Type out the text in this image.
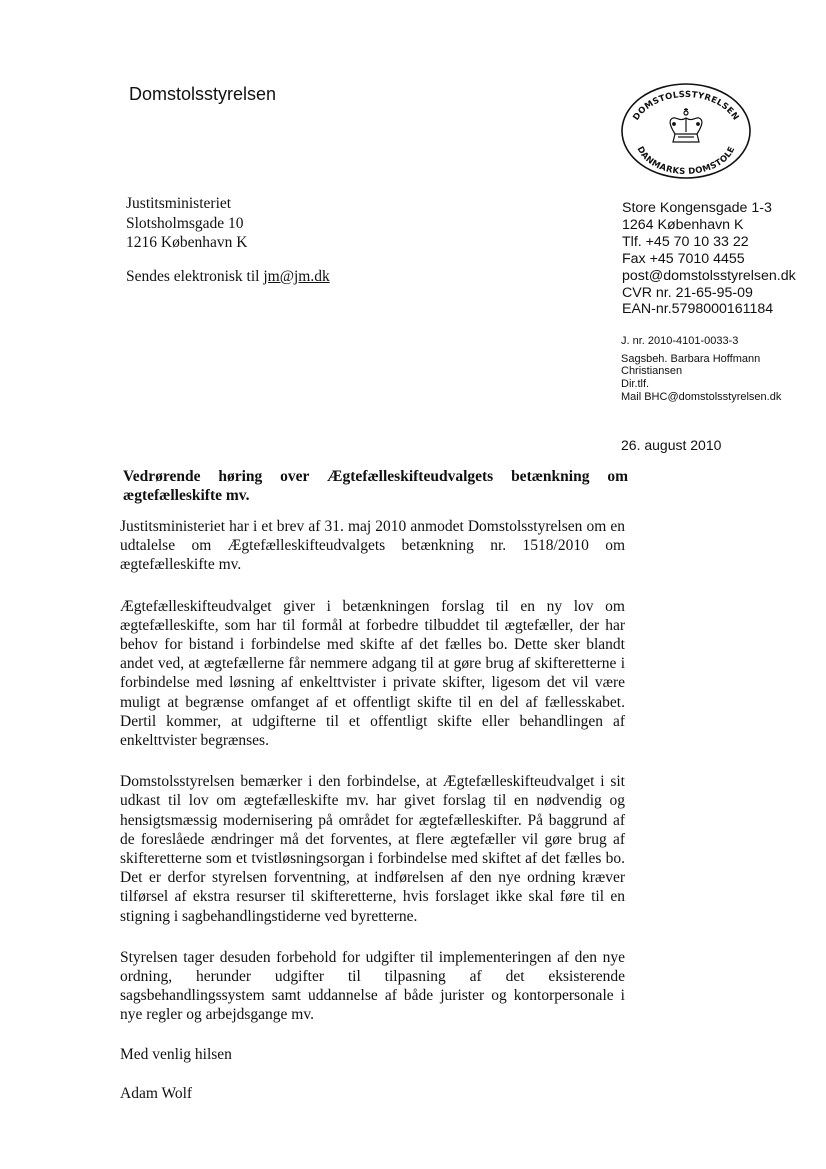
Domstolsstyrelsen
Justitsministeriet
Slotsholmsgade 10
1216 København K
Sendes elektronisk til jm@jm.dk
DOMSTOLSSTYRELSEN
DANMARKS DOMSTOLE
Store Kongensgade 1-3
1264 København K
Tlf. +45 70 10 33 22
Fax +45 7010 4455
post@domstolsstyrelsen.dk
CVR nr. 21-65-95-09
EAN-nr.5798000161184
J. nr. 2010-4101-0033-3
Sagsbeh. Barbara Hoffmann
Christiansen
Dir.tlf.
Mail BHC@domstolsstyrelsen.dk
26. august 2010
Vedrørende høring over Ægtefælleskifteudvalgets betænkning om ægtefælleskifte mv.

Justitsministeriet har i et brev af 31. maj 2010 anmodet Domstolsstyrelsen om en udtalelse om Ægtefælleskifteudvalgets betænkning nr. 1518/2010 om ægtefælleskifte mv.

Ægtefælleskifteudvalget giver i betænkningen forslag til en ny lov om ægtefælleskifte, som har til formål at forbedre tilbuddet til ægtefæller, der har behov for bistand i forbindelse med skifte af det fælles bo. Dette sker blandt andet ved, at ægtefællerne får nemmere adgang til at gøre brug af skifteretterne i forbindelse med løsning af enkelttvister i private skifter, ligesom det vil være muligt at begrænse omfanget af et offentligt skifte til en del af fællesskabet. Dertil kommer, at udgifterne til et offentligt skifte eller behandlingen af enkelttvister begrænses.

Domstolsstyrelsen bemærker i den forbindelse, at Ægtefælleskifteudvalget i sit udkast til lov om ægtefælleskifte mv. har givet forslag til en nødvendig og hensigtsmæssig modernisering på området for ægtefælleskifter. På baggrund af de foreslåede ændringer må det forventes, at flere ægtefæller vil gøre brug af skifteretterne som et tvistløsningsorgan i forbindelse med skiftet af det fælles bo. Det er derfor styrelsen forventning, at indførelsen af den nye ordning kræver tilførsel af ekstra resurser til skifteretterne, hvis forslaget ikke skal føre til en stigning i sagbehandlingstiderne ved byretterne.

Styrelsen tager desuden forbehold for udgifter til implementeringen af den nye ordning, herunder udgifter til tilpasning af det eksisterende sagsbehandlingssystem samt uddannelse af både jurister og kontorpersonale i nye regler og arbejdsgange mv.

Med venlig hilsen
Adam Wolf
